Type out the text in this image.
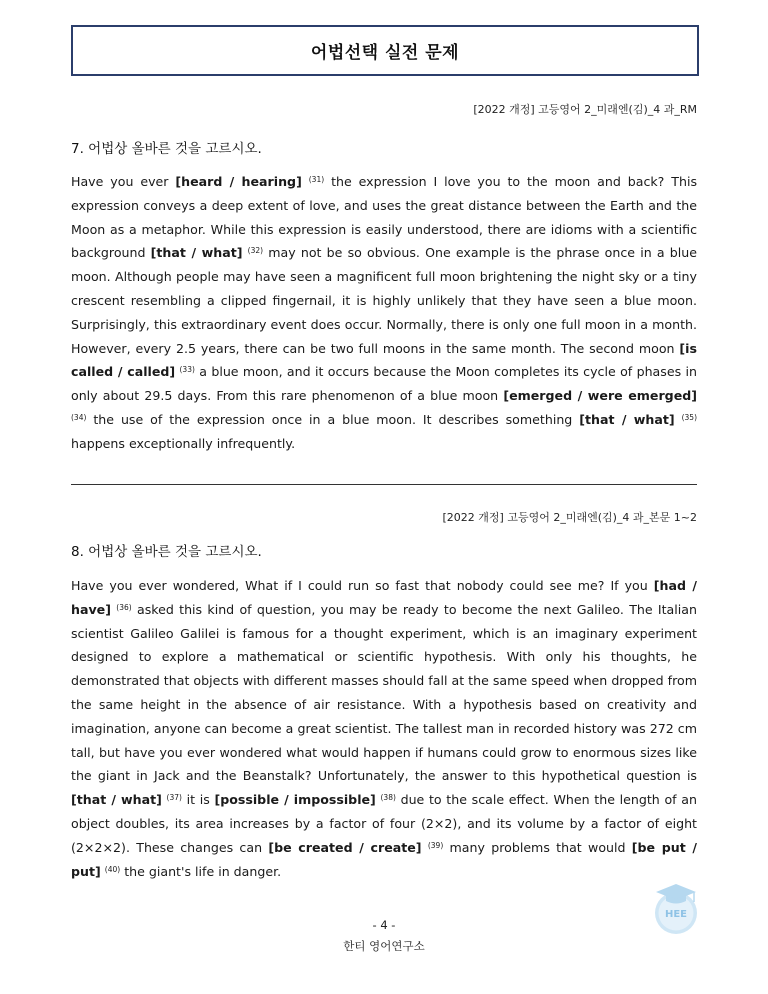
어법선택 실전 문제
[2022 개정] 고등영어 2_미래엔(김)_4 과_RM
7. 어법상 올바른 것을 고르시오.
Have you ever [heard / hearing] $^{(31)}$ the expression I love you to the moon and back? This expression conveys a deep extent of love, and uses the great distance between the Earth and the Moon as a metaphor. While this expression is easily understood, there are idioms with a scientific background [that / what] $^{(32)}$ may not be so obvious. One example is the phrase once in a blue moon. Although people may have seen a magnificent full moon brightening the night sky or a tiny crescent resembling a clipped fingernail, it is highly unlikely that they have seen a blue moon. Surprisingly, this extraordinary event does occur. Normally, there is only one full moon in a month. However, every 2.5 years, there can be two full moons in the same month. The second moon [is called / called] $^{(33)}$ a blue moon, and it occurs because the Moon completes its cycle of phases in only about 29.5 days. From this rare phenomenon of a blue moon [emerged / were emerged] $^{(34)}$ the use of the expression once in a blue moon. It describes something [that / what] $^{(35)}$ happens exceptionally infrequently.
[2022 개정] 고등영어 2_미래엔(김)_4 과_본문 1~2
8. 어법상 올바른 것을 고르시오.
Have you ever wondered, What if I could run so fast that nobody could see me? If you [had / have] $^{(36)}$ asked this kind of question, you may be ready to become the next Galileo. The Italian scientist Galileo Galilei is famous for a thought experiment, which is an imaginary experiment designed to explore a mathematical or scientific hypothesis. With only his thoughts, he demonstrated that objects with different masses should fall at the same speed when dropped from the same height in the absence of air resistance. With a hypothesis based on creativity and imagination, anyone can become a great scientist. The tallest man in recorded history was 272 cm tall, but have you ever wondered what would happen if humans could grow to enormous sizes like the giant in Jack and the Beanstalk? Unfortunately, the answer to this hypothetical question is [that / what] $^{(37)}$ it is [possible / impossible] $^{(38)}$ due to the scale effect. When the length of an object doubles, its area increases by a factor of four (2×2), and its volume by a factor of eight (2×2×2). These changes can [be created / create] $^{(39)}$ many problems that would [be put / put] $^{(40)}$ the giant's life in danger.
- 4 -
한티 영어연구소
HEE
